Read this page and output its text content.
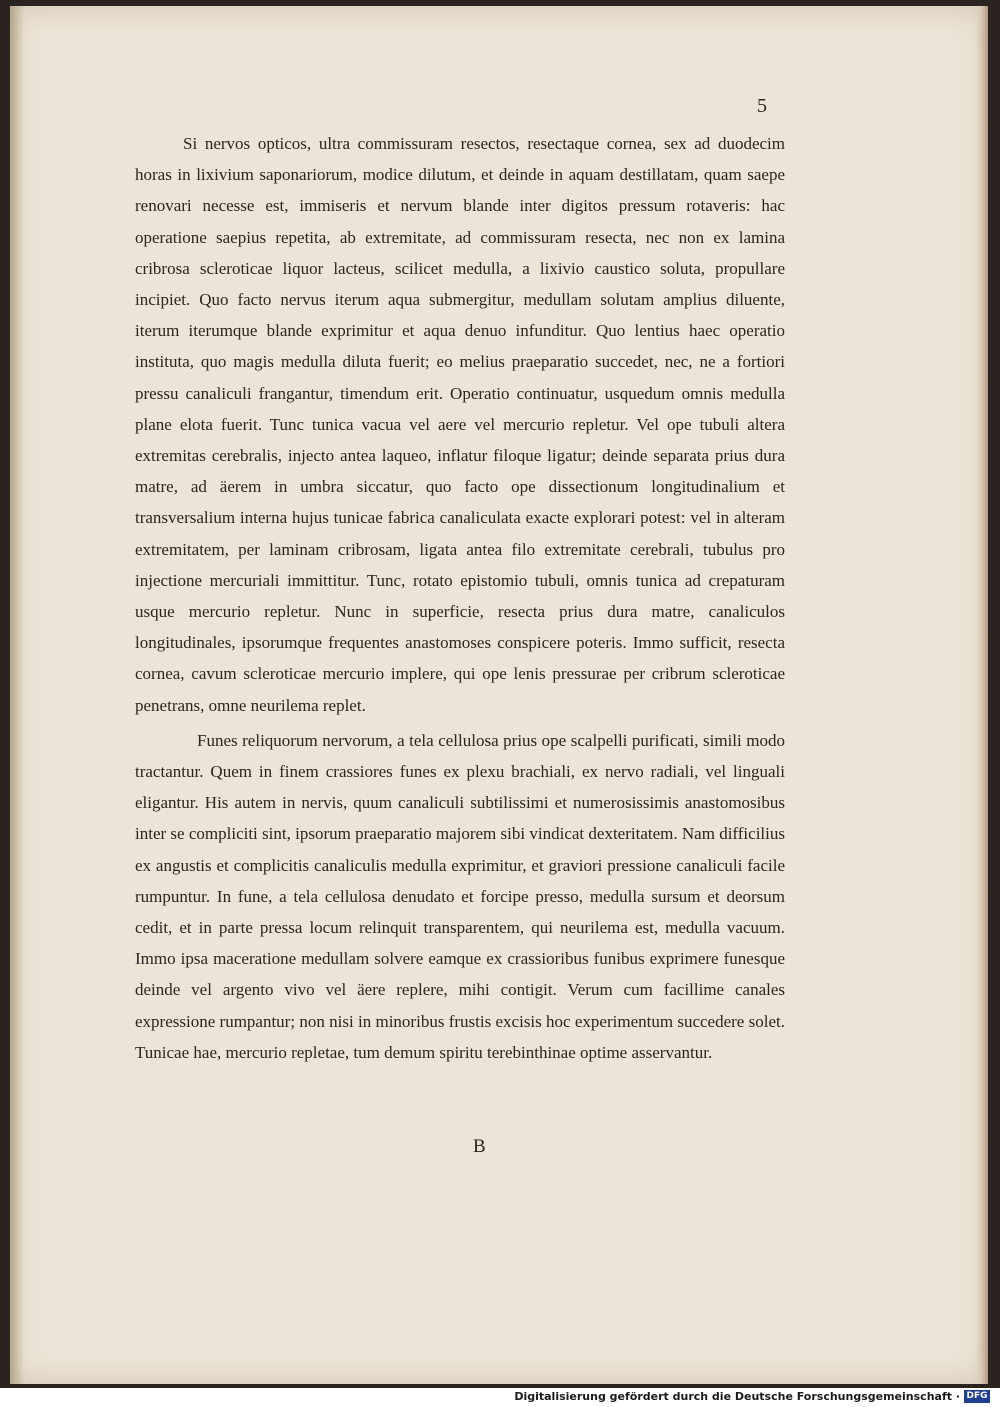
5

Si nervos opticos, ultra commissuram resectos, resectaque cornea, sex ad duodecim horas in lixivium saponariorum, modice dilutum, et deinde in aquam destillatam, quam saepe renovari necesse est, immiseris et nervum blande inter digitos pressum rotaveris: hac operatione saepius repetita, ab extremitate, ad commissuram resecta, nec non ex lamina cribrosa scleroticae liquor lacteus, scilicet medulla, a lixivio caustico soluta, propullare incipiet. Quo facto nervus iterum aqua submergitur, medullam solutam amplius diluente, iterum iterumque blande exprimitur et aqua denuo infunditur. Quo lentius haec operatio instituta, quo magis medulla diluta fuerit; eo melius praeparatio succedet, nec, ne a fortiori pressu canaliculi frangantur, timendum erit. Operatio continuatur, usquedum omnis medulla plane elota fuerit. Tunc tunica vacua vel aere vel mercurio repletur. Vel ope tubuli altera extremitas cerebralis, injecto antea laqueo, inflatur filoque ligatur; deinde separata prius dura matre, ad äerem in umbra siccatur, quo facto ope dissectionum longitudinalium et transversalium interna hujus tunicae fabrica canaliculata exacte explorari potest: vel in alteram extremitatem, per laminam cribrosam, ligata antea filo extremitate cerebrali, tubulus pro injectione mercuriali immittitur. Tunc, rotato epistomio tubuli, omnis tunica ad crepaturam usque mercurio repletur. Nunc in superficie, resecta prius dura matre, canaliculos longitudinales, ipsorumque frequentes anastomoses conspicere poteris. Immo sufficit, resecta cornea, cavum scleroticae mercurio implere, qui ope lenis pressurae per cribrum scleroticae penetrans, omne neurilema replet.

Funes reliquorum nervorum, a tela cellulosa prius ope scalpelli purificati, simili modo tractantur. Quem in finem crassiores funes ex plexu brachiali, ex nervo radiali, vel linguali eligantur. His autem in nervis, quum canaliculi subtilissimi et numerosissimis anastomosibus inter se compliciti sint, ipsorum praeparatio majorem sibi vindicat dexteritatem. Nam difficilius ex angustis et complicitis canaliculis medulla exprimitur, et graviori pressione canaliculi facile rumpuntur. In fune, a tela cellulosa denudato et forcipe presso, medulla sursum et deorsum cedit, et in parte pressa locum relinquit transparentem, qui neurilema est, medulla vacuum. Immo ipsa maceratione medullam solvere eamque ex crassioribus funibus exprimere funesque deinde vel argento vivo vel äere replere, mihi contigit. Verum cum facillime canales expressione rumpantur; non nisi in minoribus frustis excisis hoc experimentum succedere solet. Tunicae hae, mercurio repletae, tum demum spiritu terebinthinae optime asservantur.

B
Digitalisierung gefördert durch die Deutsche Forschungsgemeinschaft · DFG
